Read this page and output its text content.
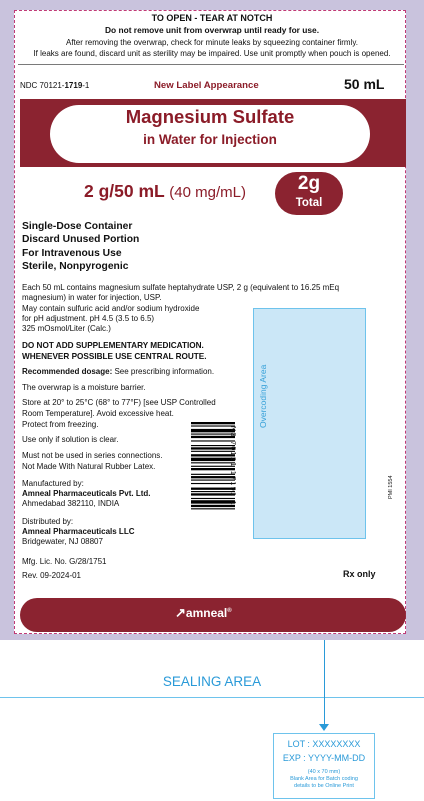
TO OPEN - TEAR AT NOTCH
Do not remove unit from overwrap until ready for use.
After removing the overwrap, check for minute leaks by squeezing container firmly.
If leaks are found, discard unit as sterility may be impaired. Use unit promptly when pouch is opened.
NDC 70121-1719-1	New Label Appearance	50 mL
Magnesium Sulfate
in Water for Injection
2 g/50 mL (40 mg/mL)	2g
Total
Single-Dose Container
Discard Unused Portion
For Intravenous Use
Sterile, Nonpyrogenic
Each 50 mL contains magnesium sulfate heptahydrate USP, 2 g (equivalent to 16.25 mEq
magnesium) in water for injection, USP.
May contain sulfuric acid and/or sodium hydroxide
for pH adjustment. pH 4.5 (3.5 to 6.5)
325 mOsmol/Liter (Calc.)
DO NOT ADD SUPPLEMENTARY MEDICATION.
WHENEVER POSSIBLE USE CENTRAL ROUTE.
Recommended dosage: See prescribing information.
The overwrap is a moisture barrier.
Store at 20° to 25°C (68° to 77°F) [see USP Controlled
Room Temperature]. Avoid excessive heat.
Protect from freezing.
Use only if solution is clear.
Must not be used in series connections.
Not Made With Natural Rubber Latex.
Manufactured by:
Amneal Pharmaceuticals Pvt. Ltd.
Ahmedabad 382110, INDIA
Distributed by:
Amneal Pharmaceuticals LLC
Bridgewater, NJ 08807
Mfg. Lic. No. G/28/1751
Rev. 09-2024-01	Rx only
PMI 1554
Overcoding Area
N3 70121 17191 1
↗amneal®
SEALING AREA
LOT : XXXXXXXX
EXP : YYYY-MM-DD
(40 x 70 mm)
Blank Area for Batch coding
details to be Online Print
